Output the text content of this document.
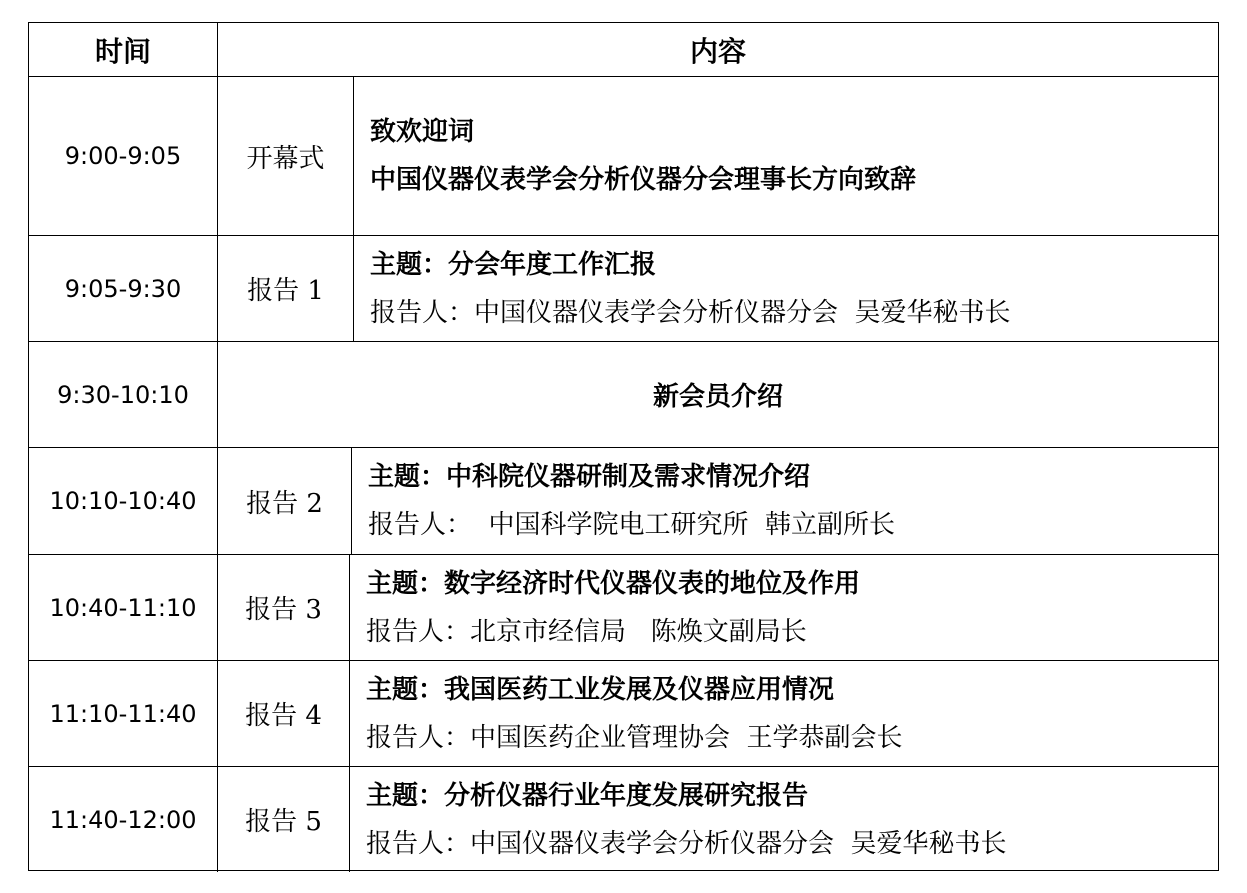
时间	内容
9:00-9:05	开幕式
致欢迎词
中国仪器仪表学会分析仪器分会理事长方向致辞
9:05-9:30	报告 1
主题：分会年度工作汇报
报告人：中国仪器仪表学会分析仪器分会  吴爱华秘书长
9:30-10:10	新会员介绍
10:10-10:40	报告 2
主题：中科院仪器研制及需求情况介绍
报告人：  中国科学院电工研究所  韩立副所长
10:40-11:10	报告 3
主题：数字经济时代仪器仪表的地位及作用
报告人：北京市经信局   陈焕文副局长
11:10-11:40	报告 4
主题：我国医药工业发展及仪器应用情况
报告人：中国医药企业管理协会  王学恭副会长
11:40-12:00	报告 5
主题：分析仪器行业年度发展研究报告
报告人：中国仪器仪表学会分析仪器分会  吴爱华秘书长
